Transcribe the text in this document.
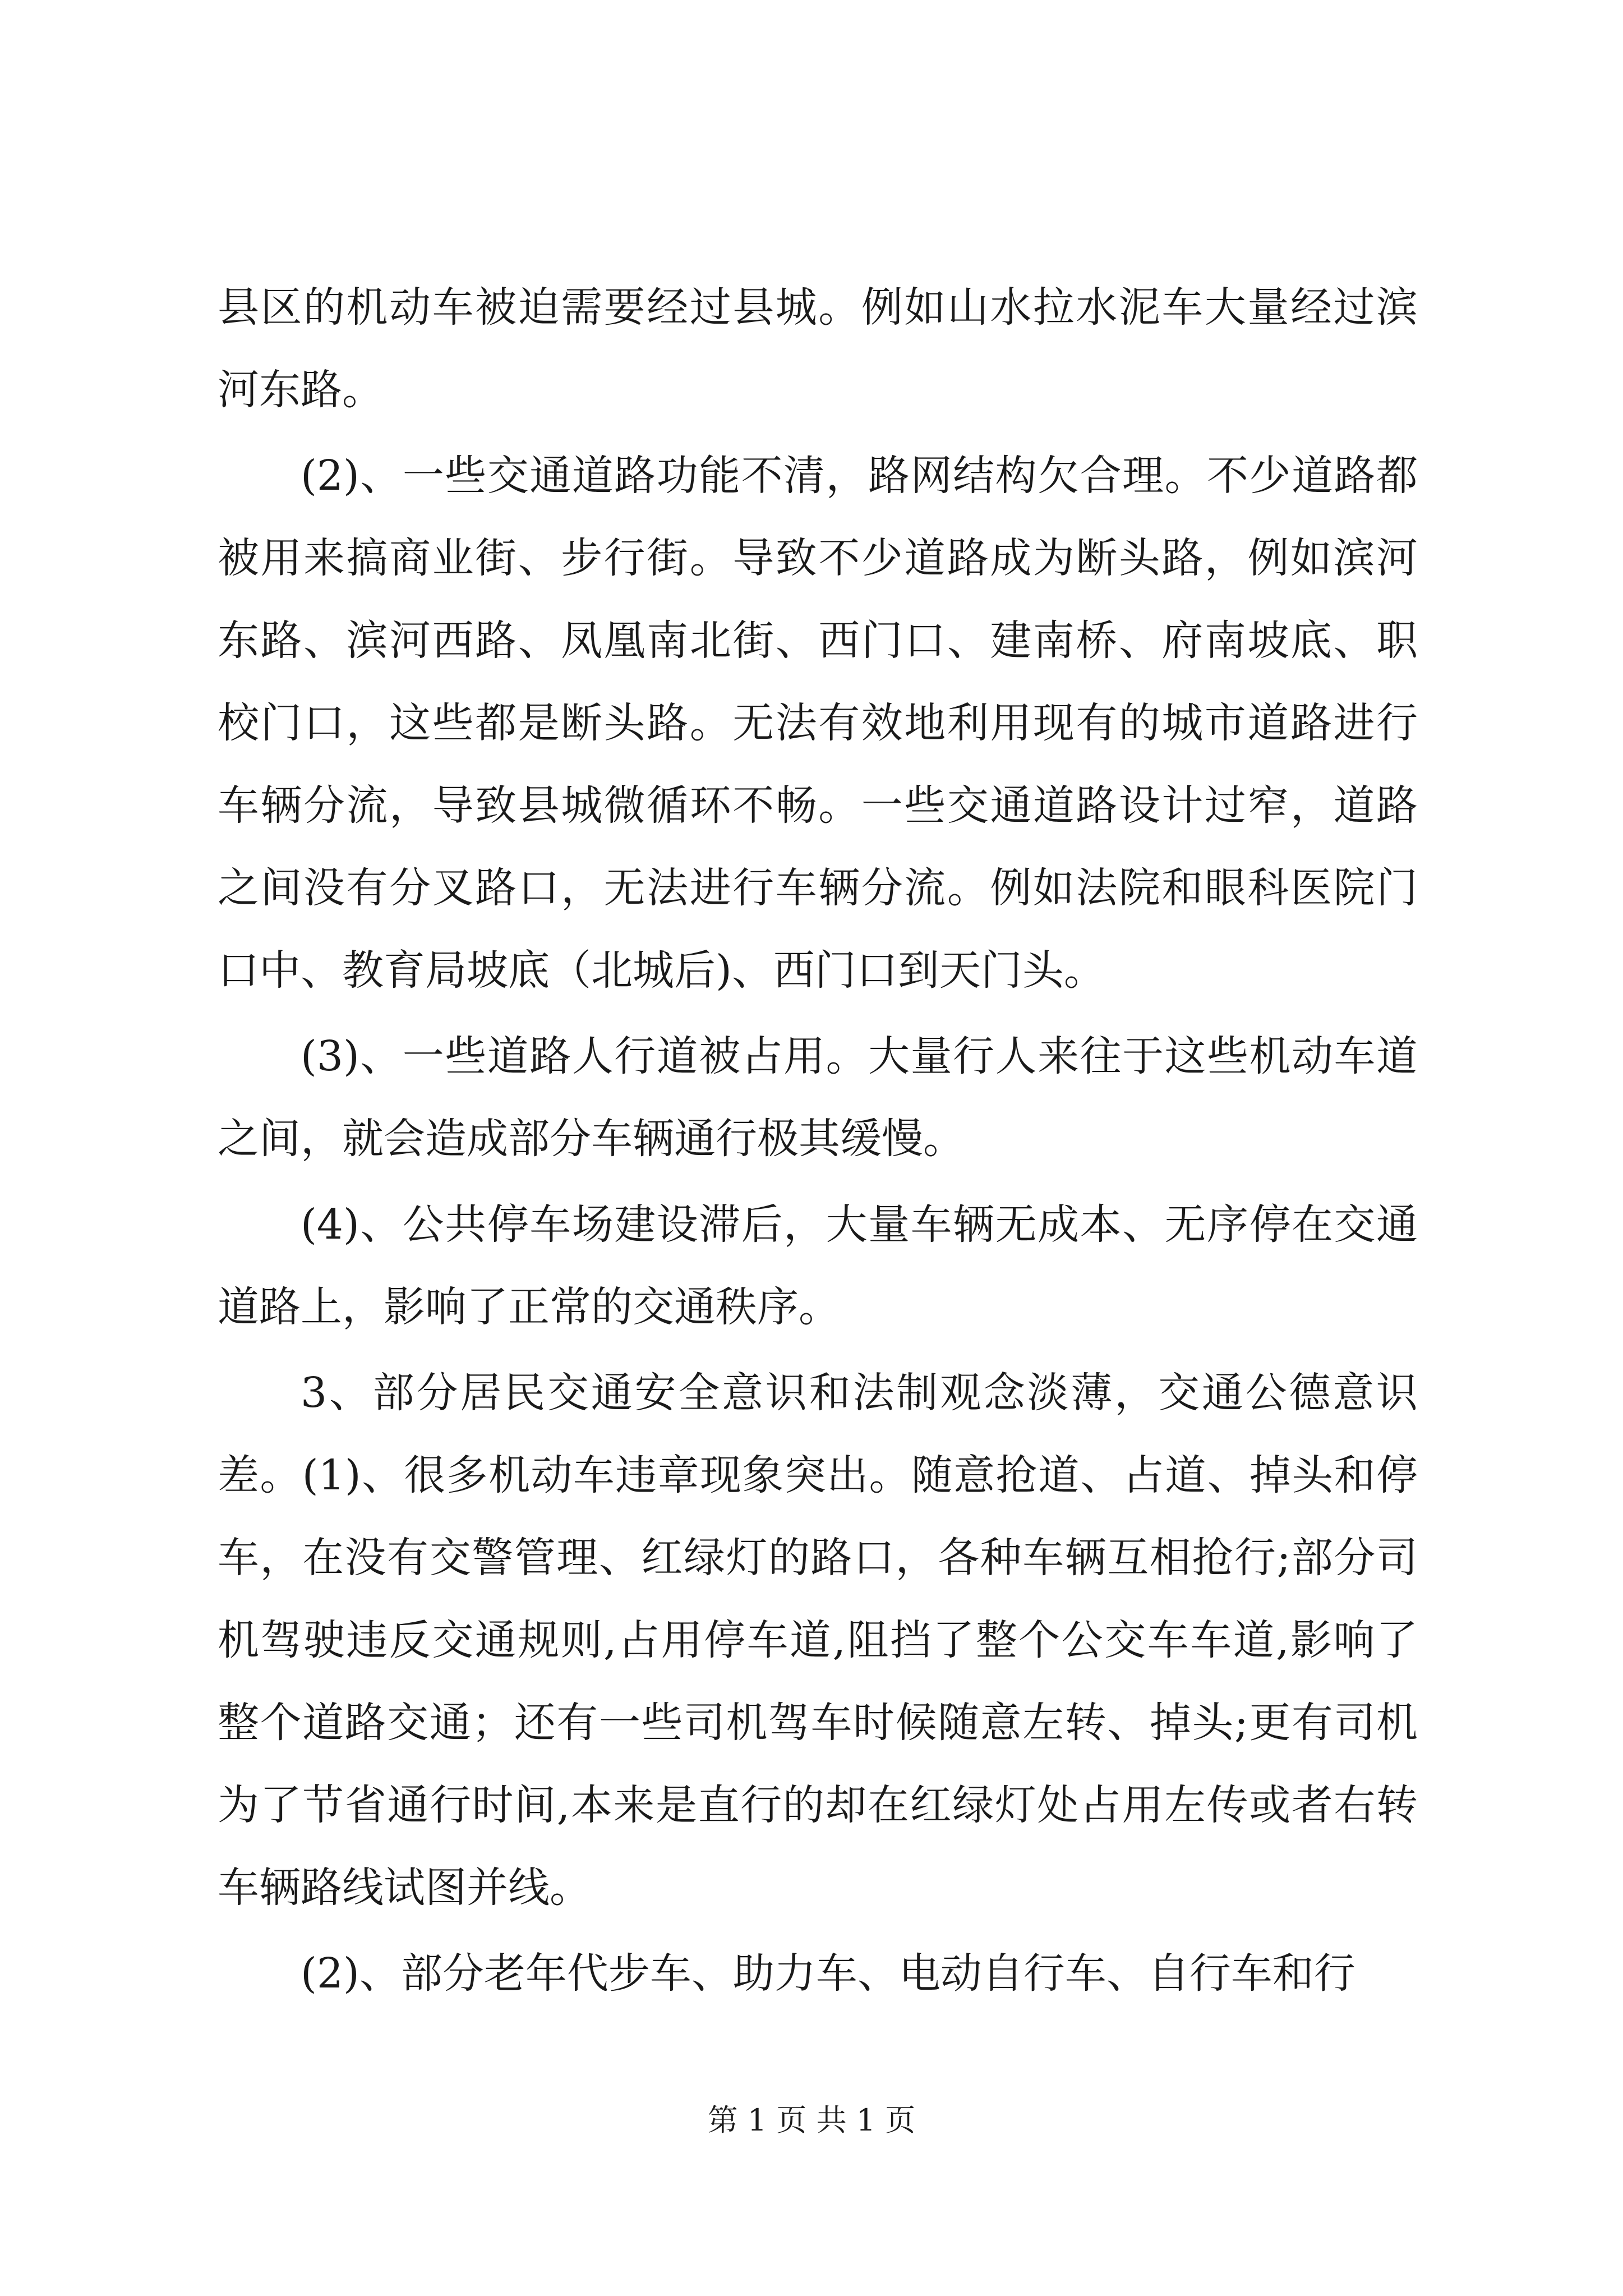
县区的机动车被迫需要经过县城。例如山水拉水泥车大量经过滨河东路。

(2)、一些交通道路功能不清，路网结构欠合理。不少道路都被用来搞商业街、步行街。导致不少道路成为断头路，例如滨河东路、滨河西路、凤凰南北街、西门口、建南桥、府南坡底、职校门口，这些都是断头路。无法有效地利用现有的城市道路进行车辆分流，导致县城微循环不畅。一些交通道路设计过窄，道路之间没有分叉路口，无法进行车辆分流。例如法院和眼科医院门口中、教育局坡底（北城后)、西门口到天门头。

(3)、一些道路人行道被占用。大量行人来往于这些机动车道之间，就会造成部分车辆通行极其缓慢。

(4)、公共停车场建设滞后，大量车辆无成本、无序停在交通道路上，影响了正常的交通秩序。

3、部分居民交通安全意识和法制观念淡薄，交通公德意识差。(1)、很多机动车违章现象突出。随意抢道、占道、掉头和停车，在没有交警管理、红绿灯的路口，各种车辆互相抢行;部分司机驾驶违反交通规则,占用停车道,阻挡了整个公交车车道,影响了整个道路交通；还有一些司机驾车时候随意左转、掉头;更有司机为了节省通行时间,本来是直行的却在红绿灯处占用左传或者右转车辆路线试图并线。

(2)、部分老年代步车、助力车、电动自行车、自行车和行

第 1 页 共 1 页
